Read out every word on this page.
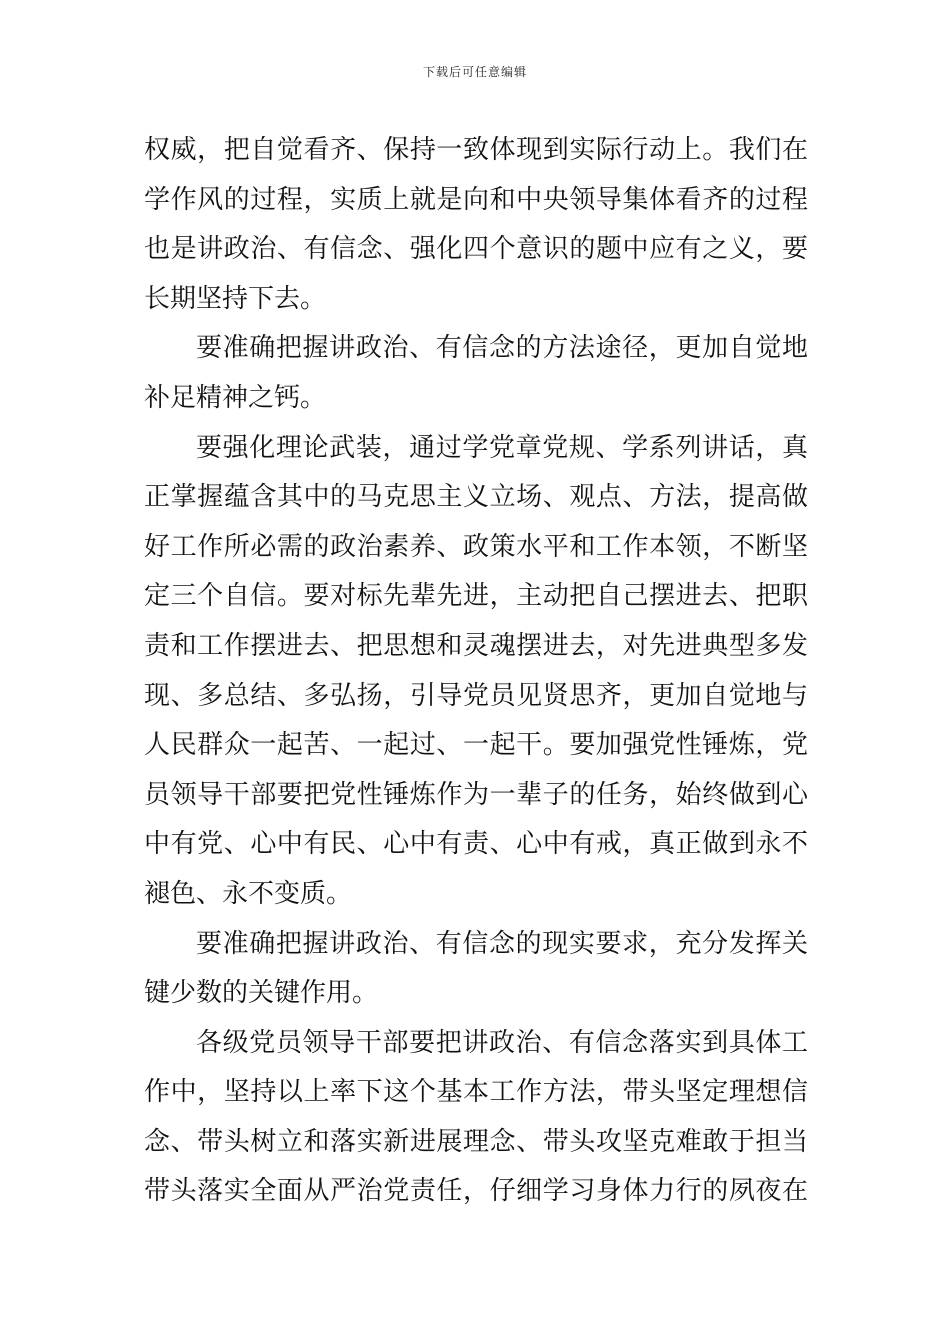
下载后可任意编辑
权威，把自觉看齐、保持一致体现到实际行动上。我们在
学作风的过程，实质上就是向和中央领导集体看齐的过程
也是讲政治、有信念、强化四个意识的题中应有之义，要
长期坚持下去。
要准确把握讲政治、有信念的方法途径，更加自觉地
补足精神之钙。
要强化理论武装，通过学党章党规、学系列讲话，真
正掌握蕴含其中的马克思主义立场、观点、方法，提高做
好工作所必需的政治素养、政策水平和工作本领，不断坚
定三个自信。要对标先辈先进，主动把自己摆进去、把职
责和工作摆进去、把思想和灵魂摆进去，对先进典型多发
现、多总结、多弘扬，引导党员见贤思齐，更加自觉地与
人民群众一起苦、一起过、一起干。要加强党性锤炼，党
员领导干部要把党性锤炼作为一辈子的任务，始终做到心
中有党、心中有民、心中有责、心中有戒，真正做到永不
褪色、永不变质。
要准确把握讲政治、有信念的现实要求，充分发挥关
键少数的关键作用。
各级党员领导干部要把讲政治、有信念落实到具体工
作中，坚持以上率下这个基本工作方法，带头坚定理想信
念、带头树立和落实新进展理念、带头攻坚克难敢于担当
带头落实全面从严治党责任，仔细学习身体力行的夙夜在
